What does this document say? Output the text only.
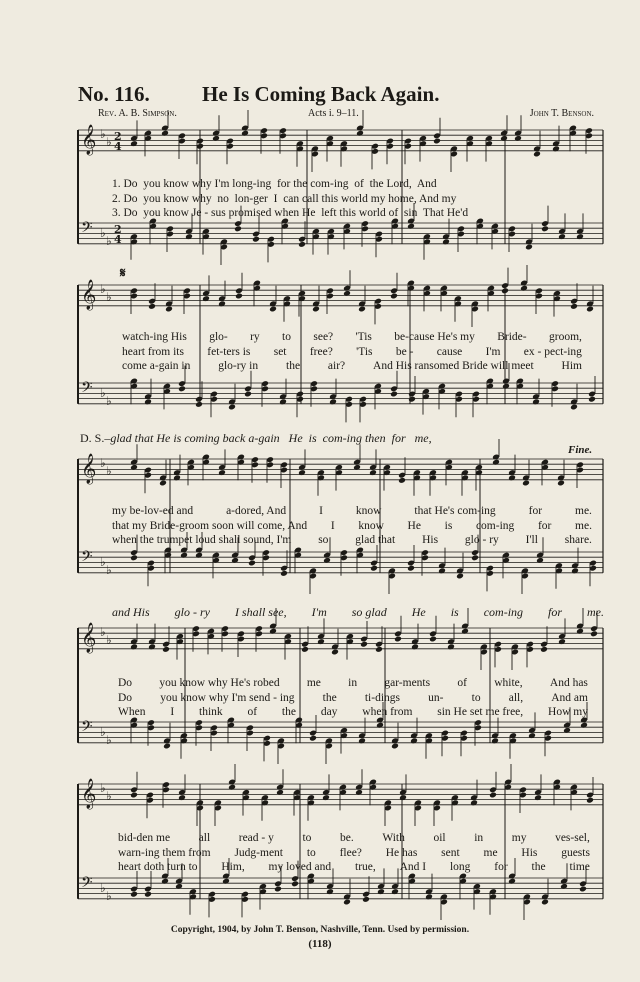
No. 116. He Is Coming Back Again.
Rev. A. B. Simpson.	Acts i. 9–11.	John T. Benson.
𝄞 ♭
♭ 2
4
𝄢 ♭
♭
2
4
𝄞 ♭
♭
𝄢 ♭
♭
𝄞 ♭
♭
𝄢 ♭
♭
𝄞 ♭
♭
𝄢 ♭
♭
𝄞 ♭
♭
𝄢 ♭
♭
𝄋
1. Do  you know why I'm long-ing  for the com-ing  of  the Lord,  And
2. Do  you know why  no  lon-ger  I  can call this world my home, And my
3. Do  you know Je - sus promised when He  left this world of  sin  That He'd
watch-ing His glo- ry to see? 'Tis be-cause He's my Bride- groom,
heart from its fet-ters is set free? 'Tis be - cause I'm ex - pect-ing
come a-gain in glo-ry in the air? And His ransomed Bride will meet Him
D. S.–glad that He is coming back a-gain   He  is  com-ing then  for   me,
Fine.
my be-lov-ed and	a-dored, And	I	know	that He's com-ing	for	me.
that my Bride-groom soon will come, And I know He is com-ing for me.
when the trumpet loud shall sound, I'm so glad that His glo - ry I'll share.
and His glo - ry I shall see, I'm so glad He is com-ing for me.
Do you know why He's robed me in gar-ments of white, And has
Do you know why I'm send - ing the ti-dings un- to all, And am
When I think of the day when from sin He set me free, How my
bid-den me all read - y to be. With oil in my ves-sel,
warn-ing them from Judg-ment to flee? He has sent me His guests
heart doth turn to Him, my loved and true, And I long for the time
Copyright, 1904, by John T. Benson, Nashville, Tenn. Used by permission.
(118)
